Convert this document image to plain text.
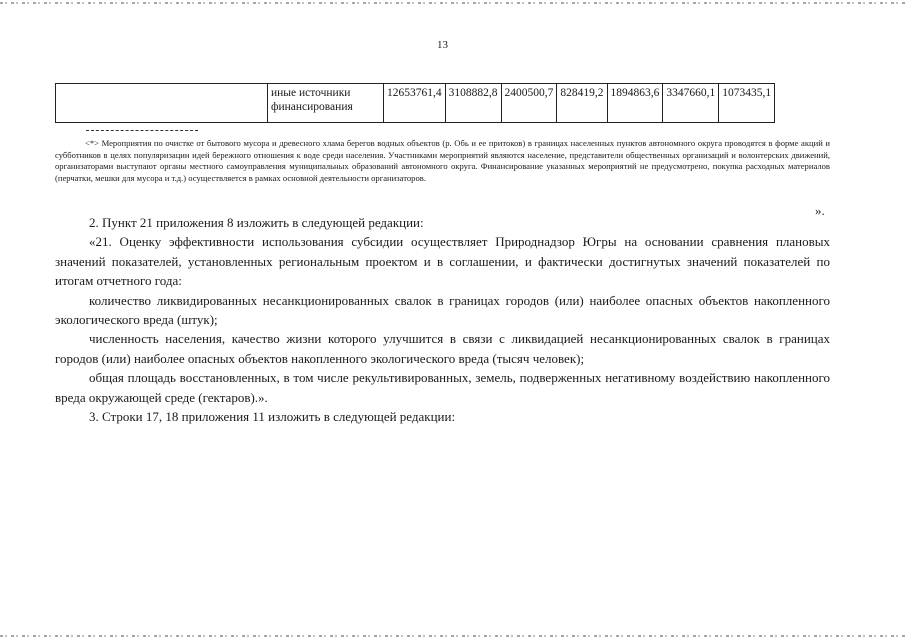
13
	иные источники финансирования	12653761,4	3108882,8	2400500,7	828419,2	1894863,6	3347660,1	1073435,1
<*> Мероприятия по очистке от бытового мусора и древесного хлама берегов водных объектов (р. Обь и ее притоков) в границах населенных пунктов автономного округа проводятся в форме акций и субботников в целях популяризации идей бережного отношения к воде среди населения. Участниками мероприятий являются население, представители общественных организаций и волонтерских движений, организаторами выступают органы местного самоуправления муниципальных образований автономного округа. Финансирование указанных мероприятий не предусмотрено, покупка расходных материалов (перчатки, мешки для мусора и т.д.) осуществляется в рамках основной деятельности организаторов.
».

2. Пункт 21 приложения 8 изложить в следующей редакции:

«21. Оценку эффективности использования субсидии осуществляет Природнадзор Югры на основании сравнения плановых значений показателей, установленных региональным проектом и в соглашении, и фактически достигнутых значений показателей по итогам отчетного года:

количество ликвидированных несанкционированных свалок в границах городов (или) наиболее опасных объектов накопленного экологического вреда (штук);

численность населения, качество жизни которого улучшится в связи с ликвидацией несанкционированных свалок в границах городов (или) наиболее опасных объектов накопленного экологического вреда (тысяч человек);

общая площадь восстановленных, в том числе рекультивированных, земель, подверженных негативному воздействию накопленного вреда окружающей среде (гектаров).».

3. Строки 17, 18 приложения 11 изложить в следующей редакции:
